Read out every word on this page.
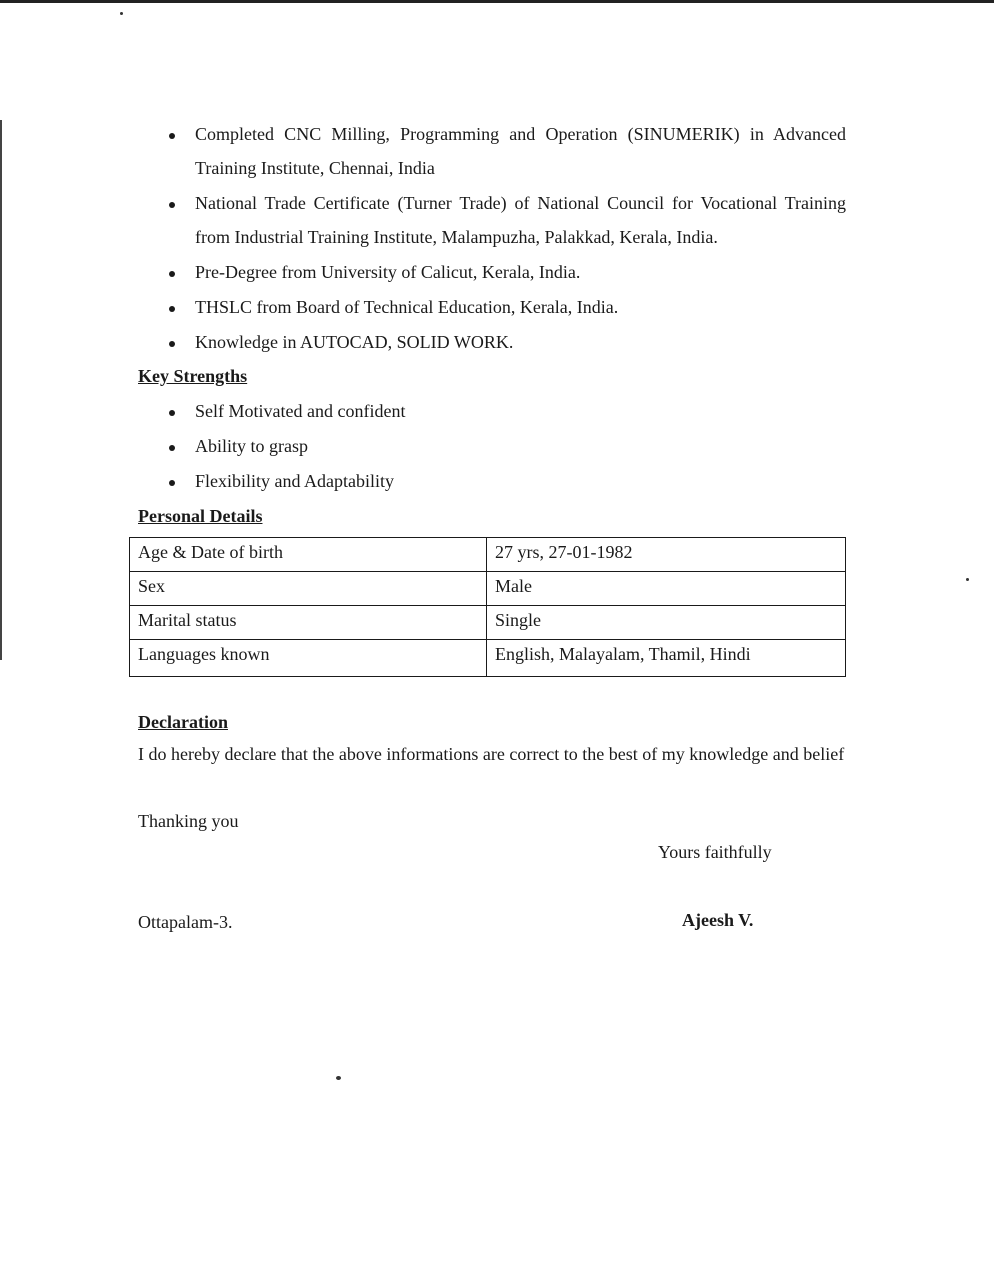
Completed CNC Milling, Programming and Operation (SINUMERIK) in Advanced Training Institute, Chennai, India
National Trade Certificate (Turner Trade) of National Council for Vocational Training from Industrial Training Institute, Malampuzha, Palakkad, Kerala, India.
Pre-Degree from University of Calicut, Kerala, India.
THSLC from Board of Technical Education, Kerala, India.
Knowledge in AUTOCAD, SOLID WORK.
Key Strengths
Self Motivated and confident
Ability to grasp
Flexibility and Adaptability
Personal Details
Age & Date of birth	27 yrs, 27-01-1982
Sex	Male
Marital status	Single
Languages known	English, Malayalam, Thamil, Hindi
Declaration

I do hereby declare that the above informations are correct to the best of my knowledge and belief

Thanking you
Yours faithfully
Ottapalam-3.	Ajeesh V.
